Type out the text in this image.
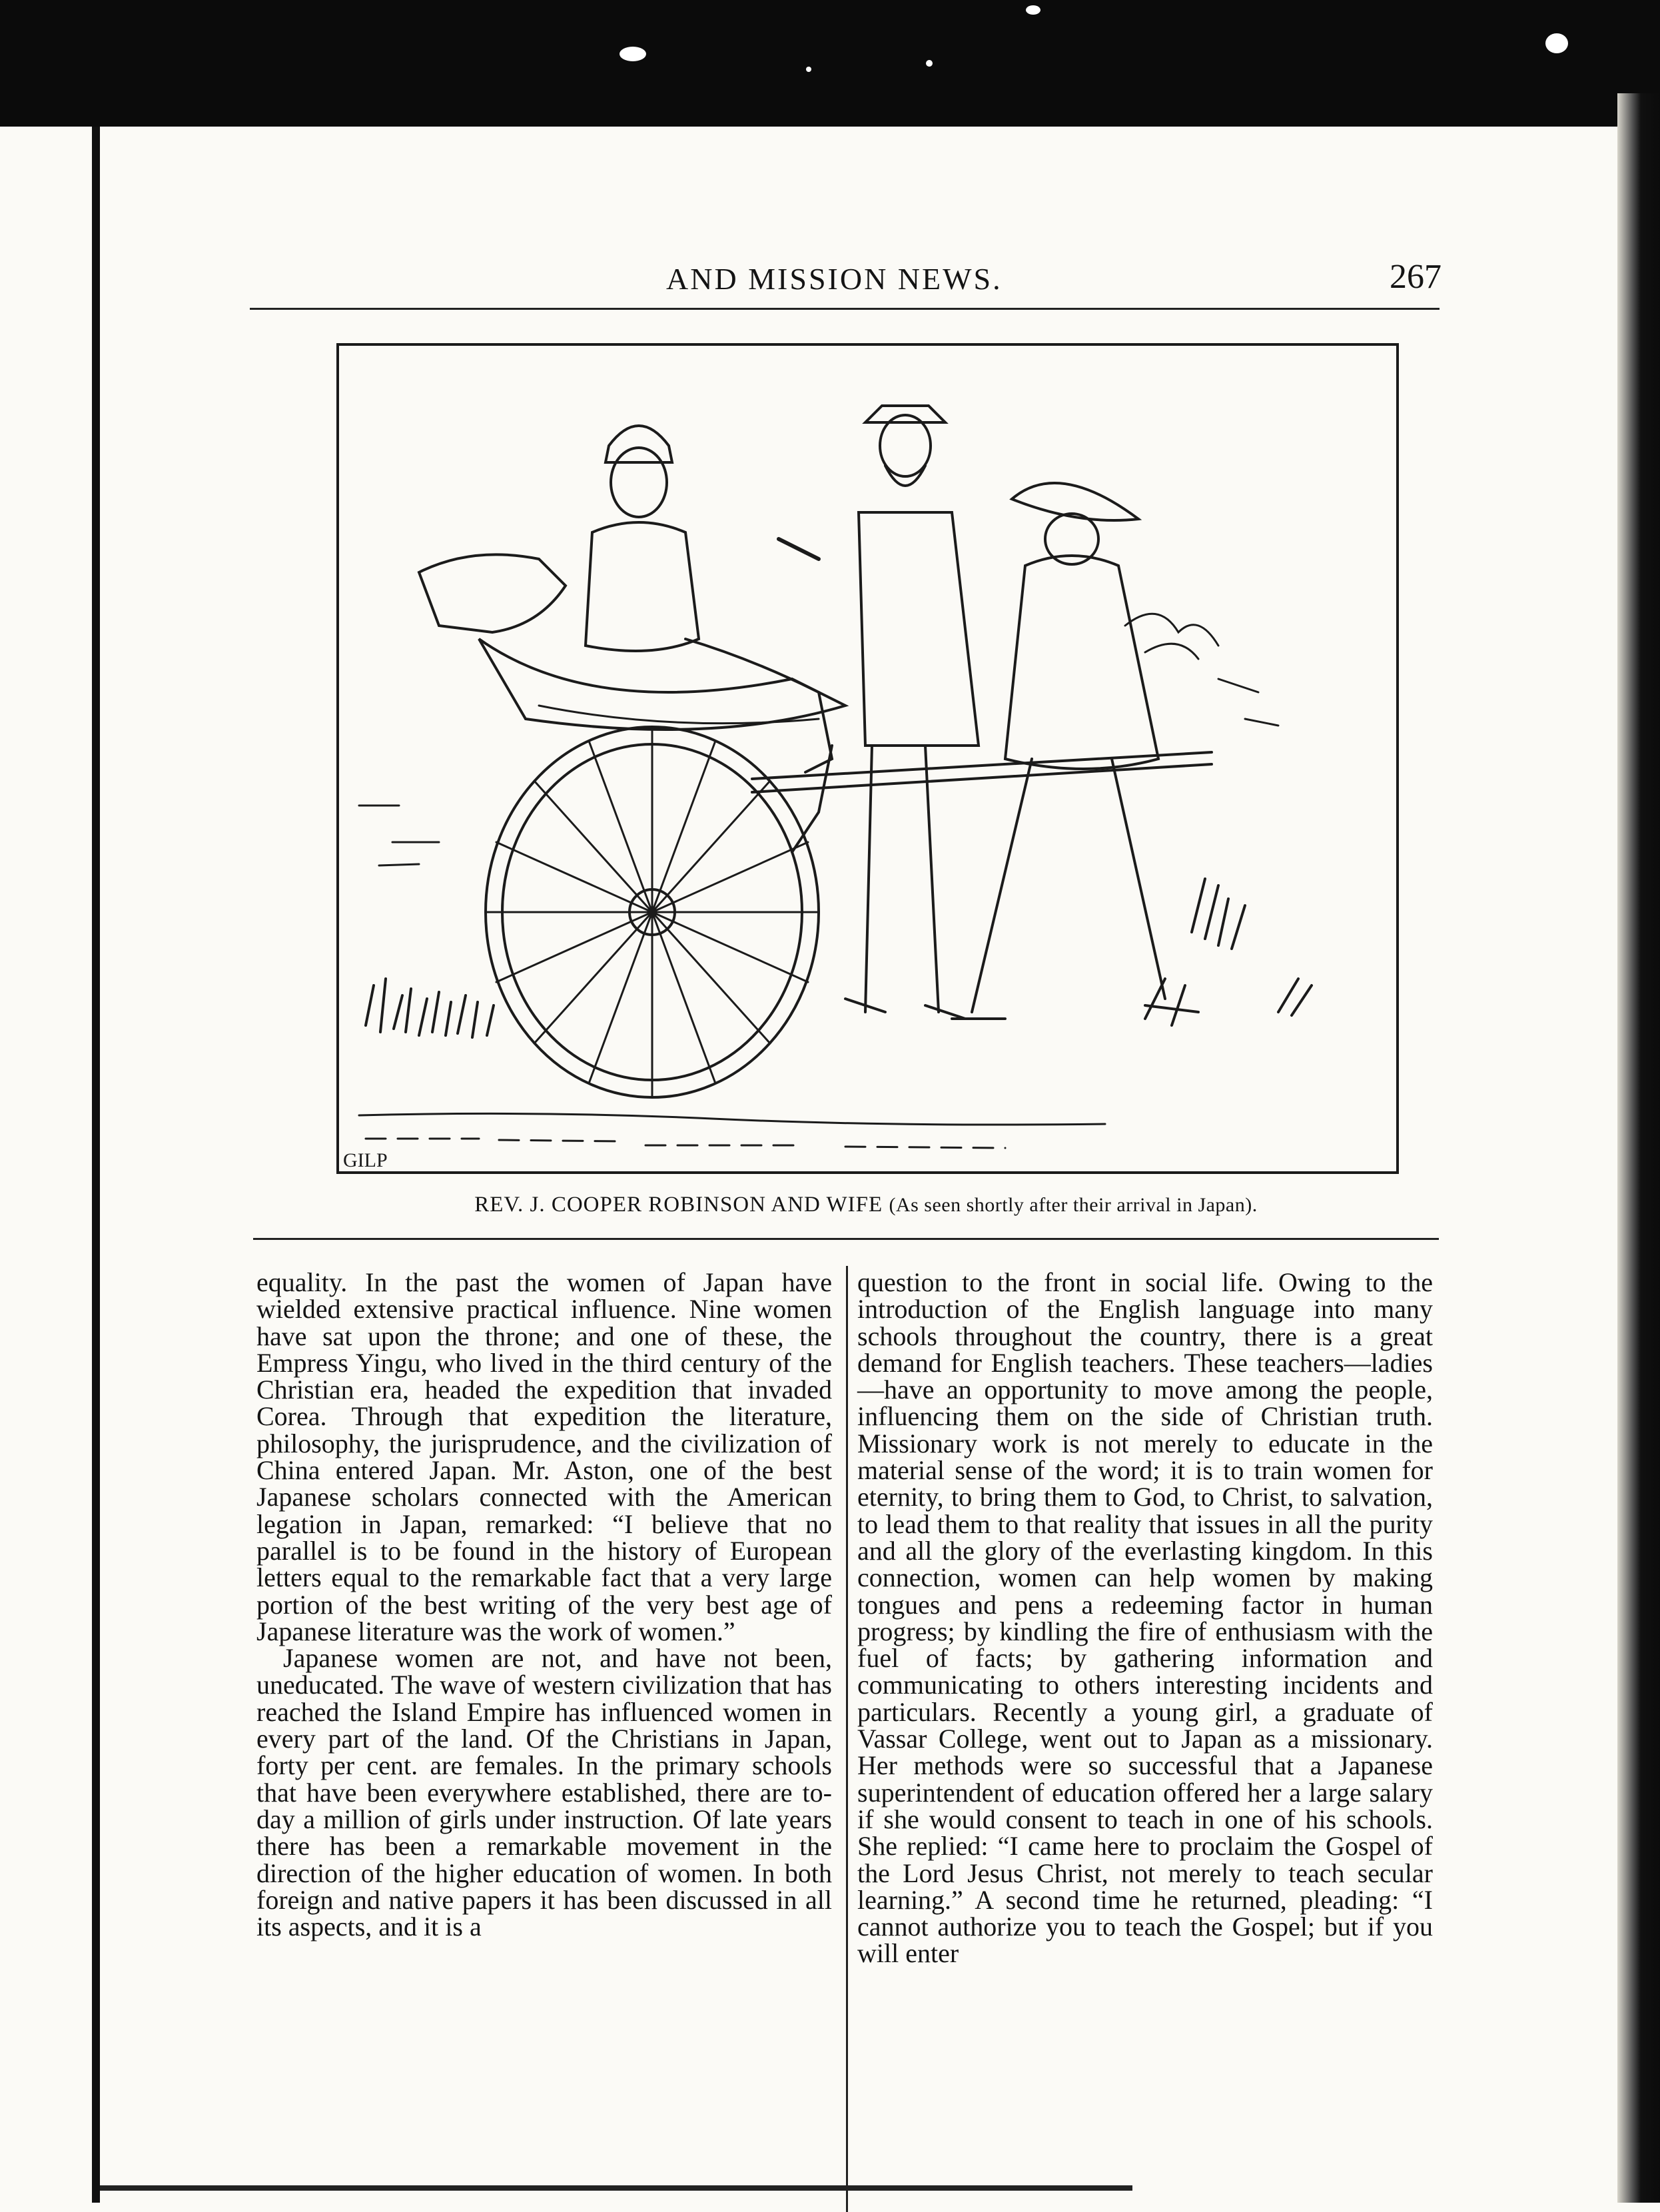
AND MISSION NEWS.	267
GILP
REV. J. COOPER ROBINSON AND WIFE (As seen shortly after their arrival in Japan).

equality. In the past the women of Japan have wielded extensive practical influence. Nine women have sat upon the throne; and one of these, the Empress Yingu, who lived in the third century of the Christian era, headed the expedition that invaded Corea. Through that expedition the literature, philosophy, the jurisprudence, and the civilization of China entered Japan. Mr. Aston, one of the best Japanese scholars connected with the American legation in Japan, remarked: “I believe that no parallel is to be found in the history of European letters equal to the remarkable fact that a very large portion of the best writing of the very best age of Japanese literature was the work of women.”

Japanese women are not, and have not been, uneducated. The wave of western civilization that has reached the Island Empire has influenced women in every part of the land. Of the Christians in Japan, forty per cent. are females. In the primary schools that have been everywhere established, there are to-day a million of girls under instruction. Of late years there has been a remarkable movement in the direction of the higher education of women. In both foreign and native papers it has been discussed in all its aspects, and it is a

question to the front in social life. Owing to the introduction of the English language into many schools throughout the country, there is a great demand for English teachers. These teachers—ladies—have an opportunity to move among the people, influencing them on the side of Christian truth. Missionary work is not merely to educate in the material sense of the word; it is to train women for eternity, to bring them to God, to Christ, to salvation, to lead them to that reality that issues in all the purity and all the glory of the everlasting kingdom. In this connection, women can help women by making tongues and pens a redeeming factor in human progress; by kindling the fire of enthusiasm with the fuel of facts; by gathering information and communicating to others interesting incidents and particulars. Recently a young girl, a graduate of Vassar College, went out to Japan as a missionary. Her methods were so successful that a Japanese superintendent of education offered her a large salary if she would consent to teach in one of his schools. She replied: “I came here to proclaim the Gospel of the Lord Jesus Christ, not merely to teach secular learning.” A second time he returned, pleading: “I cannot authorize you to teach the Gospel; but if you will enter
